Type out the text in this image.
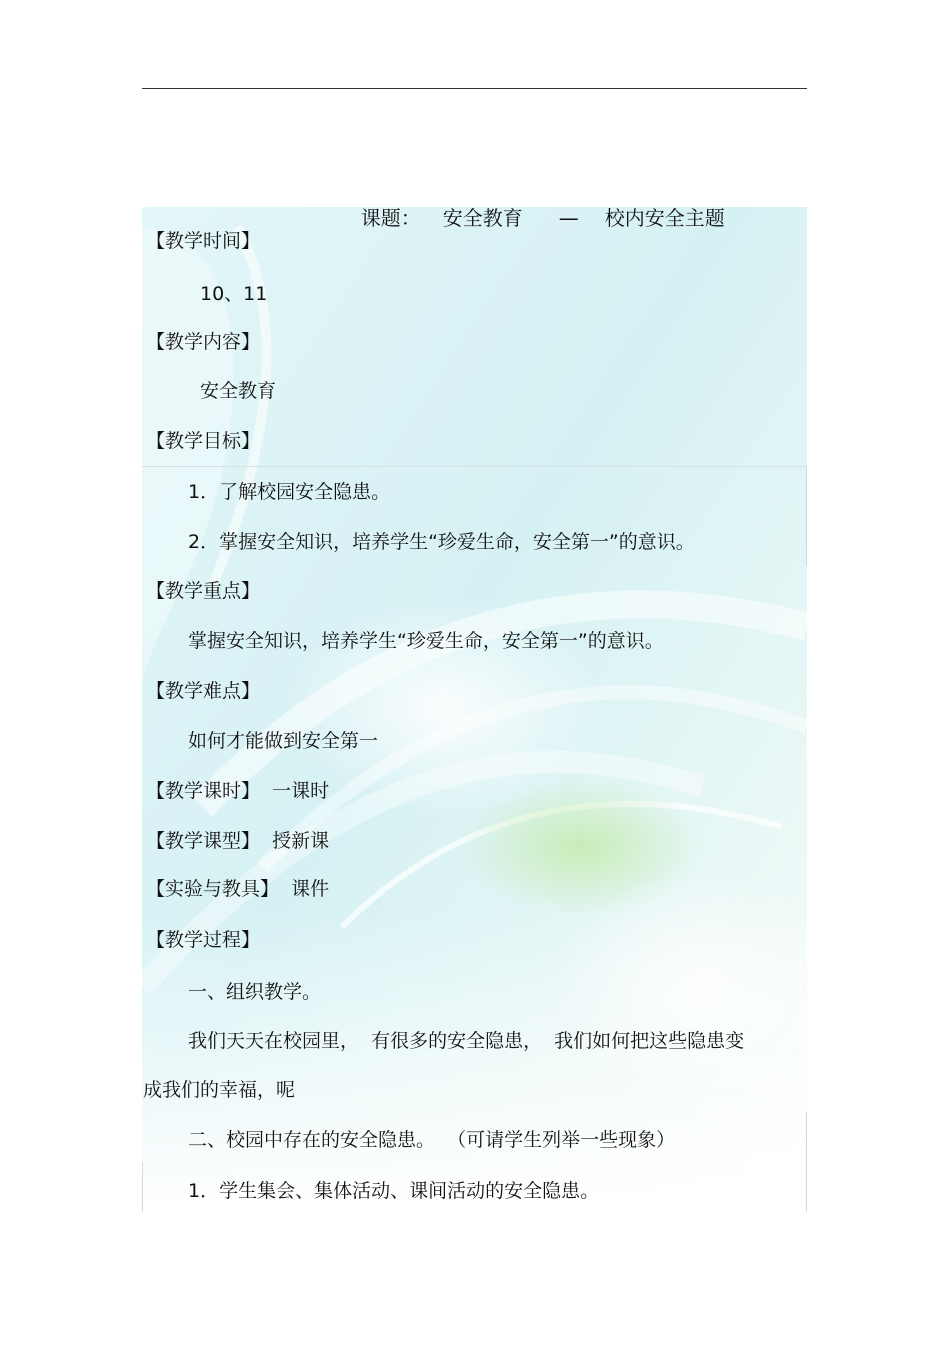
课题： 安全教育 — 校内安全主题

【教学时间】
10、11
【教学内容】
安全教育
【教学目标】
1．了解校园安全隐患。
2．掌握安全知识，培养学生“珍爱生命，安全第一”的意识。
【教学重点】
掌握安全知识，培养学生“珍爱生命，安全第一”的意识。
【教学难点】
如何才能做到安全第一
【教学课时】  一课时
【教学课型】  授新课
【实验与教具】  课件
【教学过程】
一、组织教学。
我们天天在校园里，  有很多的安全隐患，  我们如何把这些隐患变
成我们的幸福，呢
二、校园中存在的安全隐患。  （可请学生列举一些现象）
1．学生集会、集体活动、课间活动的安全隐患。
